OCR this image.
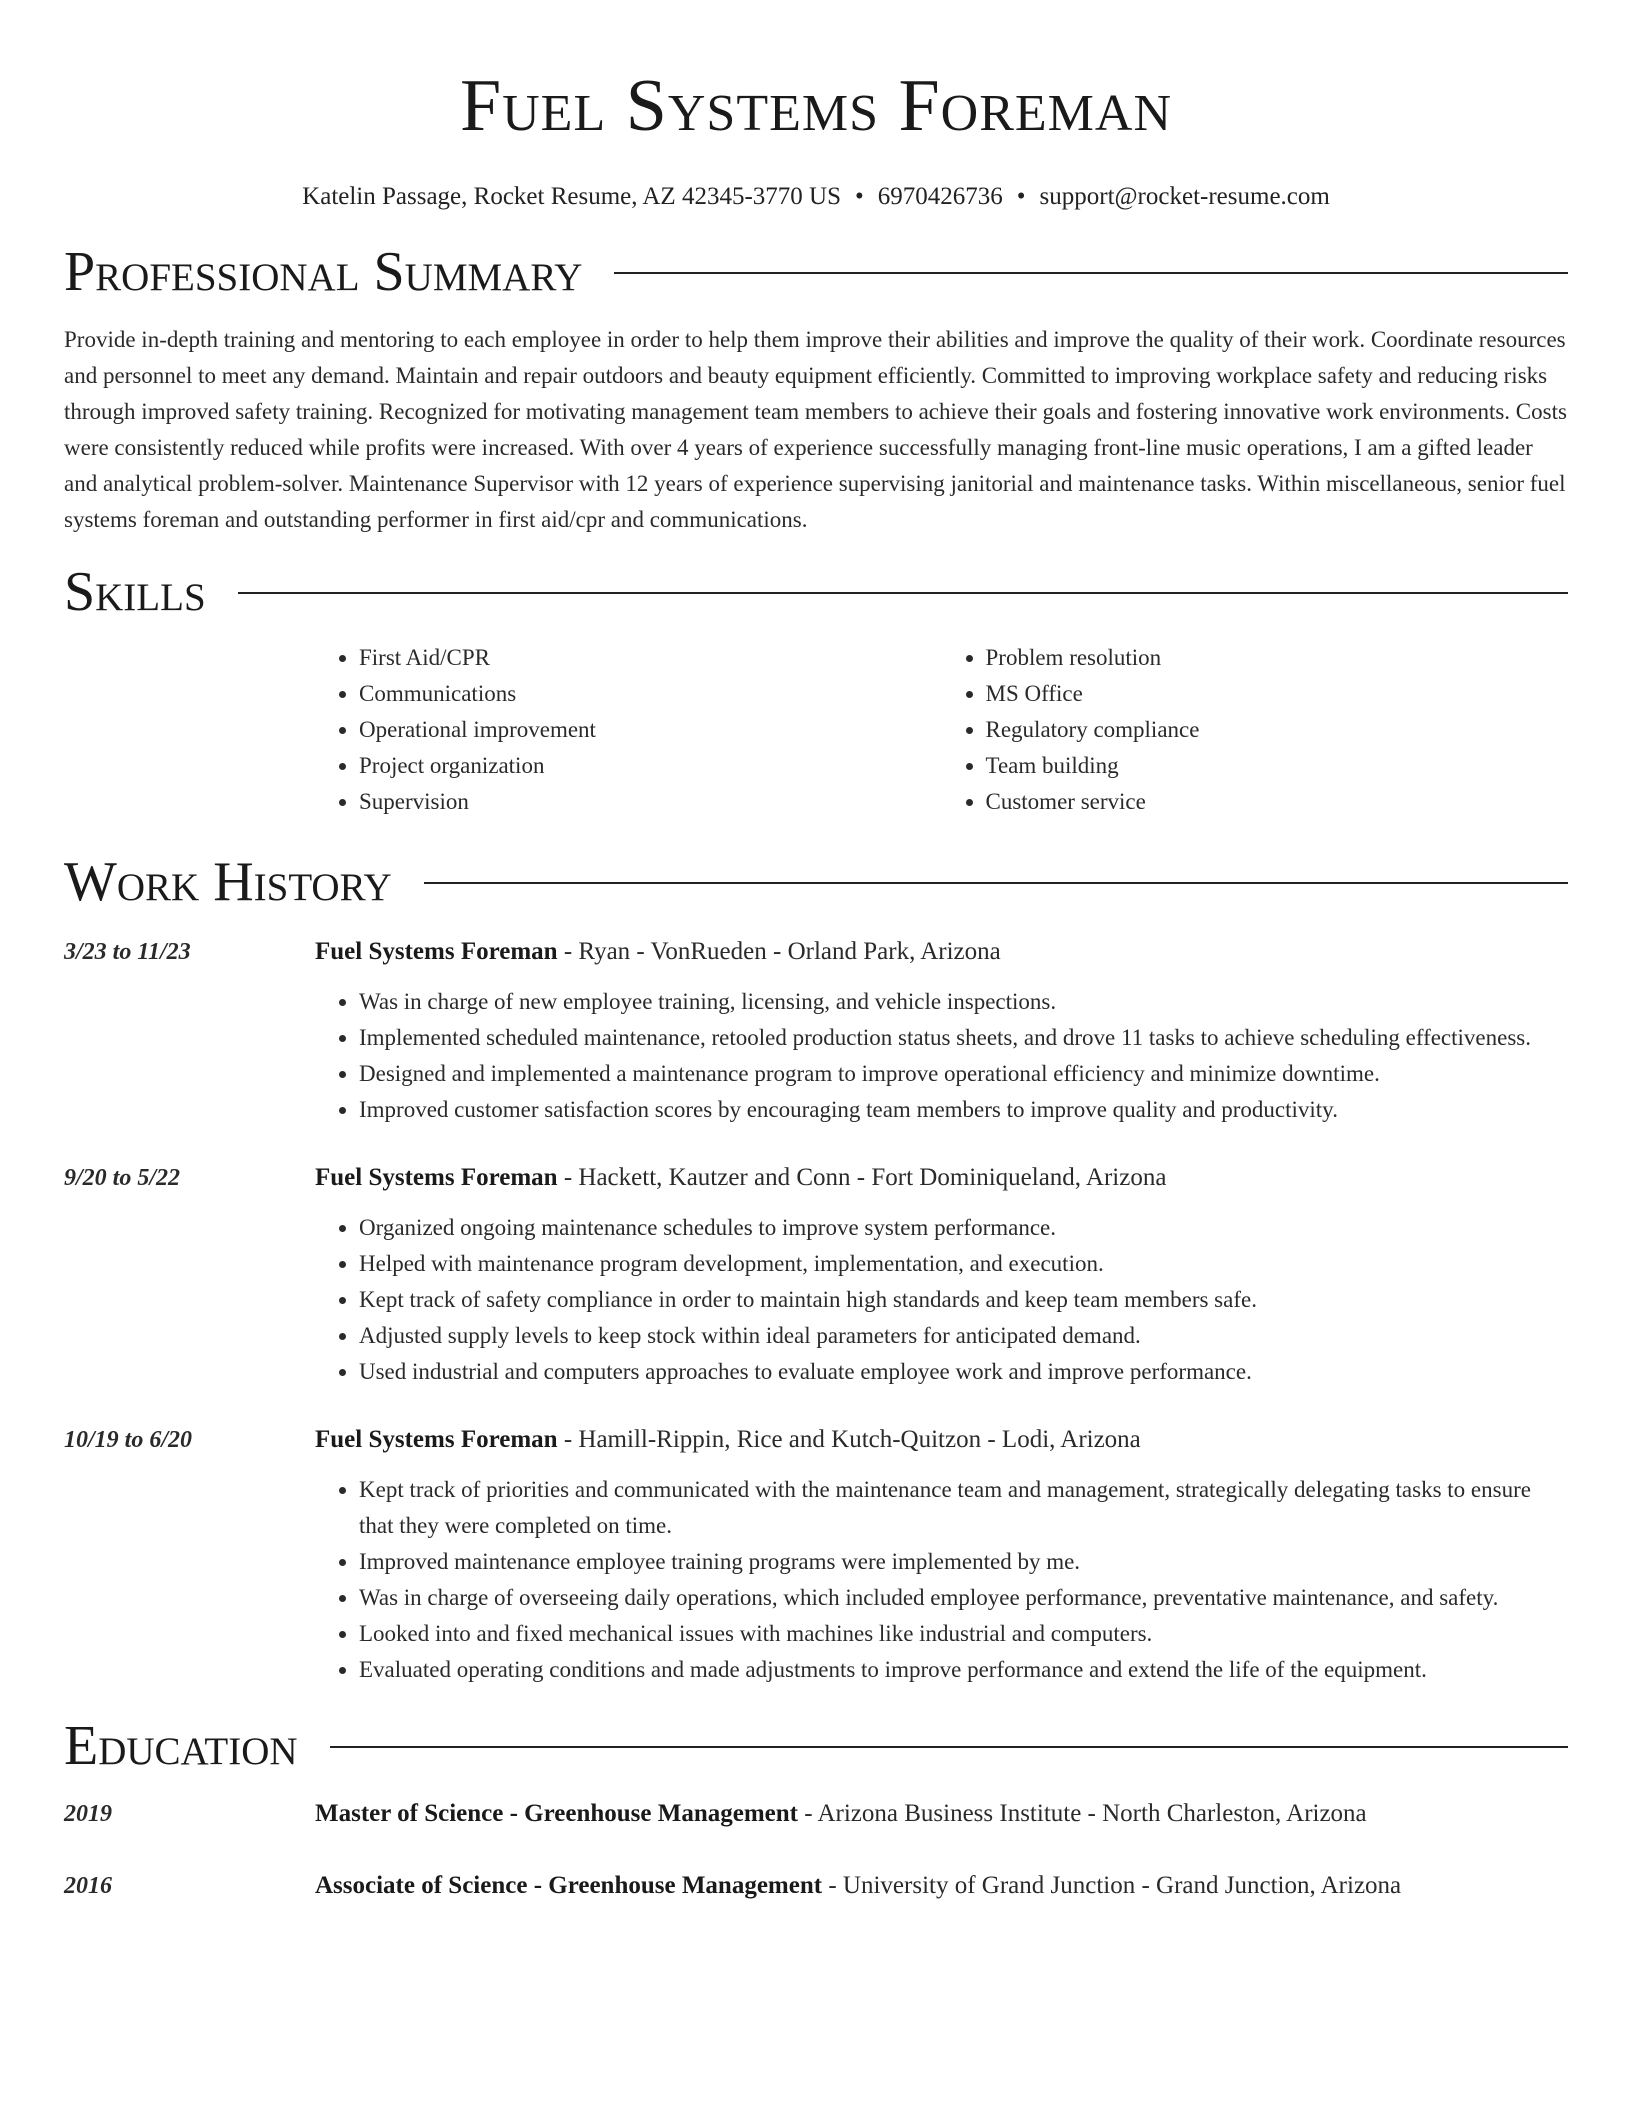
Fuel Systems Foreman
Katelin Passage, Rocket Resume, AZ 42345-3770 US • 6970426736 • support@rocket-resume.com
Professional Summary

Provide in-depth training and mentoring to each employee in order to help them improve their abilities and improve the quality of their work. Coordinate resources and personnel to meet any demand. Maintain and repair outdoors and beauty equipment efficiently. Committed to improving workplace safety and reducing risks through improved safety training. Recognized for motivating management team members to achieve their goals and fostering innovative work environments. Costs were consistently reduced while profits were increased. With over 4 years of experience successfully managing front-line music operations, I am a gifted leader and analytical problem-solver. Maintenance Supervisor with 12 years of experience supervising janitorial and maintenance tasks. Within miscellaneous, senior fuel systems foreman and outstanding performer in first aid/cpr and communications.

Skills
• First Aid/CPR
• Communications
• Operational improvement
• Project organization
• Supervision
• Problem resolution
• MS Office
• Regulatory compliance
• Team building
• Customer service
Work History
3/23 to 11/23	Fuel Systems Foreman - Ryan - VonRueden - Orland Park, Arizona
• Was in charge of new employee training, licensing, and vehicle inspections.
• Implemented scheduled maintenance, retooled production status sheets, and drove 11 tasks to achieve scheduling effectiveness.
• Designed and implemented a maintenance program to improve operational efficiency and minimize downtime.
• Improved customer satisfaction scores by encouraging team members to improve quality and productivity.
9/20 to 5/22	Fuel Systems Foreman - Hackett, Kautzer and Conn - Fort Dominiqueland, Arizona
• Organized ongoing maintenance schedules to improve system performance.
• Helped with maintenance program development, implementation, and execution.
• Kept track of safety compliance in order to maintain high standards and keep team members safe.
• Adjusted supply levels to keep stock within ideal parameters for anticipated demand.
• Used industrial and computers approaches to evaluate employee work and improve performance.
10/19 to 6/20	Fuel Systems Foreman - Hamill-Rippin, Rice and Kutch-Quitzon - Lodi, Arizona
• Kept track of priorities and communicated with the maintenance team and management, strategically delegating tasks to ensure that they were completed on time.
• Improved maintenance employee training programs were implemented by me.
• Was in charge of overseeing daily operations, which included employee performance, preventative maintenance, and safety.
• Looked into and fixed mechanical issues with machines like industrial and computers.
• Evaluated operating conditions and made adjustments to improve performance and extend the life of the equipment.
Education
2019	Master of Science - Greenhouse Management - Arizona Business Institute - North Charleston, Arizona
2016	Associate of Science - Greenhouse Management - University of Grand Junction - Grand Junction, Arizona
